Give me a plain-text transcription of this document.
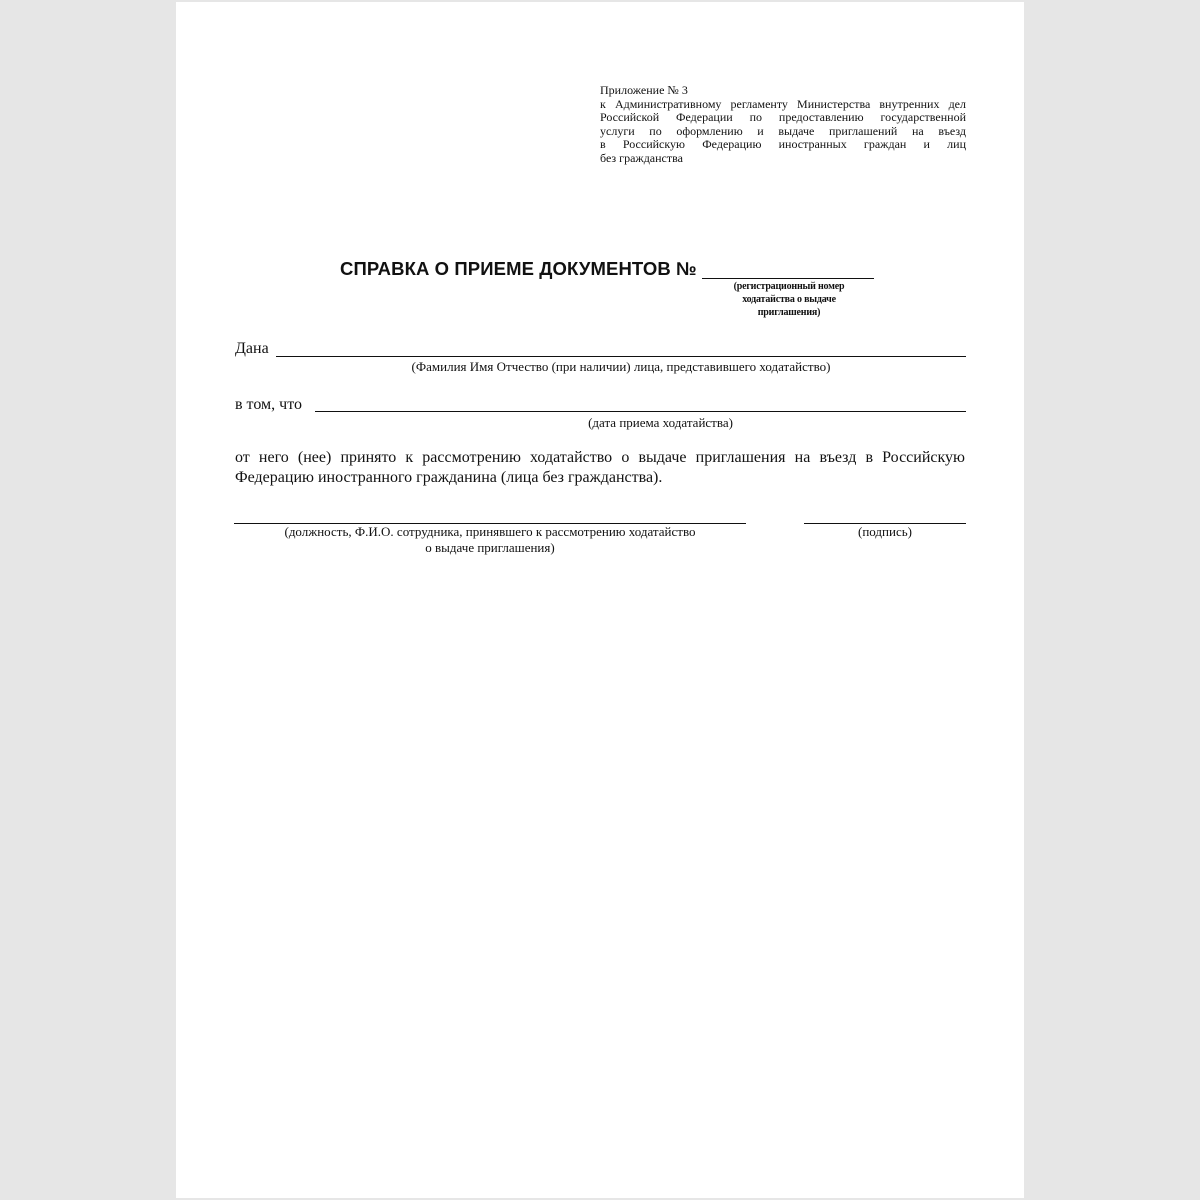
Приложение № 3
к Административному регламенту Министерства внутренних дел
Российской Федерации по предоставлению государственной
услуги по оформлению и выдаче приглашений на въезд
в Российскую Федерацию иностранных граждан и лиц
без гражданства
СПРАВКА О ПРИЕМЕ ДОКУМЕНТОВ №
(регистрационный номер ходатайства о выдаче приглашения)
Дана
(Фамилия Имя Отчество (при наличии) лица, представившего ходатайство)
в том, что
(дата приема ходатайства)
от него (нее) принято к рассмотрению ходатайство о выдаче приглашения на въезд в Российскую Федерацию иностранного гражданина (лица без гражданства).
(должность, Ф.И.О. сотрудника, принявшего к рассмотрению ходатайство
о выдаче приглашения)
(подпись)
